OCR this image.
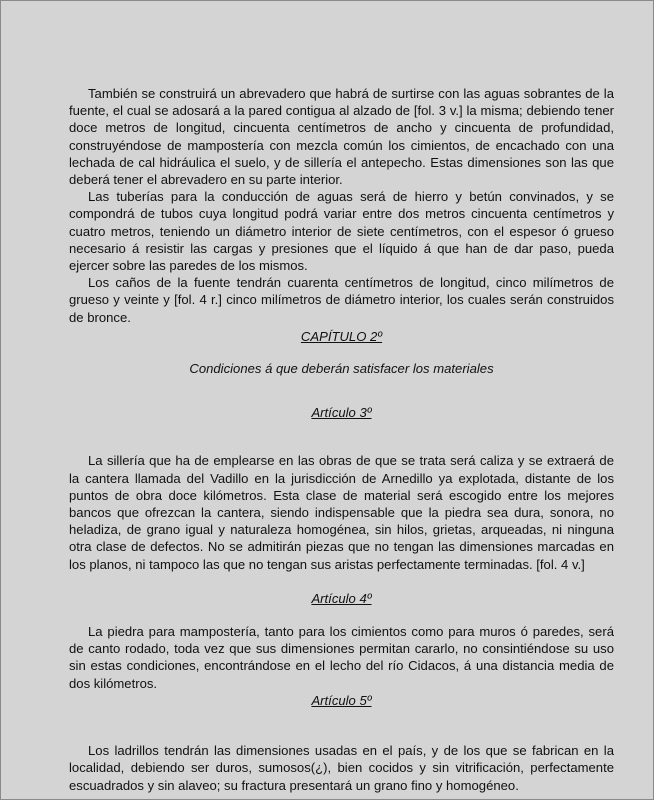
También se construirá un abrevadero que habrá de surtirse con las aguas sobrantes de la fuente, el cual se adosará a la pared contigua al alzado de [fol. 3 v.] la misma; debiendo tener doce metros de longitud, cincuenta centímetros de ancho y cincuenta de profundidad, construyéndose de mampostería con mezcla común los cimientos, de encachado con una lechada de cal hidráulica el suelo, y de sillería el antepecho. Estas dimensiones son las que deberá tener el abrevadero en su parte interior.

Las tuberías para la conducción de aguas será de hierro y betún convinados, y se compondrá de tubos cuya longitud podrá variar entre dos metros cincuenta centímetros y cuatro metros, teniendo un diámetro interior de siete centímetros, con el espesor ó grueso necesario á resistir las cargas y presiones que el líquido á que han de dar paso, pueda ejercer sobre las paredes de los mismos.

Los caños de la fuente tendrán cuarenta centímetros de longitud, cinco milímetros de grueso y veinte y [fol. 4 r.] cinco milímetros de diámetro interior, los cuales serán construidos de bronce.

CAPÍTULO 2º

Condiciones á que deberán satisfacer los materiales

Artículo 3º

La sillería que ha de emplearse en las obras de que se trata será caliza y se extraerá de la cantera llamada del Vadillo en la jurisdicción de Arnedillo ya explotada, distante de los puntos de obra doce kilómetros. Esta clase de material será escogido entre los mejores bancos que ofrezcan la cantera, siendo indispensable que la piedra sea dura, sonora, no heladiza, de grano igual y naturaleza homogénea, sin hilos, grietas, arqueadas, ni ninguna otra clase de defectos. No se admitirán piezas que no tengan las dimensiones marcadas en los planos, ni tampoco las que no tengan sus aristas perfectamente terminadas. [fol. 4 v.]

Artículo 4º

La piedra para mampostería, tanto para los cimientos como para muros ó paredes, será de canto rodado, toda vez que sus dimensiones permitan cararlo, no consintiéndose su uso sin estas condiciones, encontrándose en el lecho del río Cidacos, á una distancia media de dos kilómetros.

Artículo 5º

Los ladrillos tendrán las dimensiones usadas en el país, y de los que se fabrican en la localidad, debiendo ser duros, sumosos(¿), bien cocidos y sin vitrificación, perfectamente escuadrados y sin alaveo; su fractura presentará un grano fino y homogéneo.
